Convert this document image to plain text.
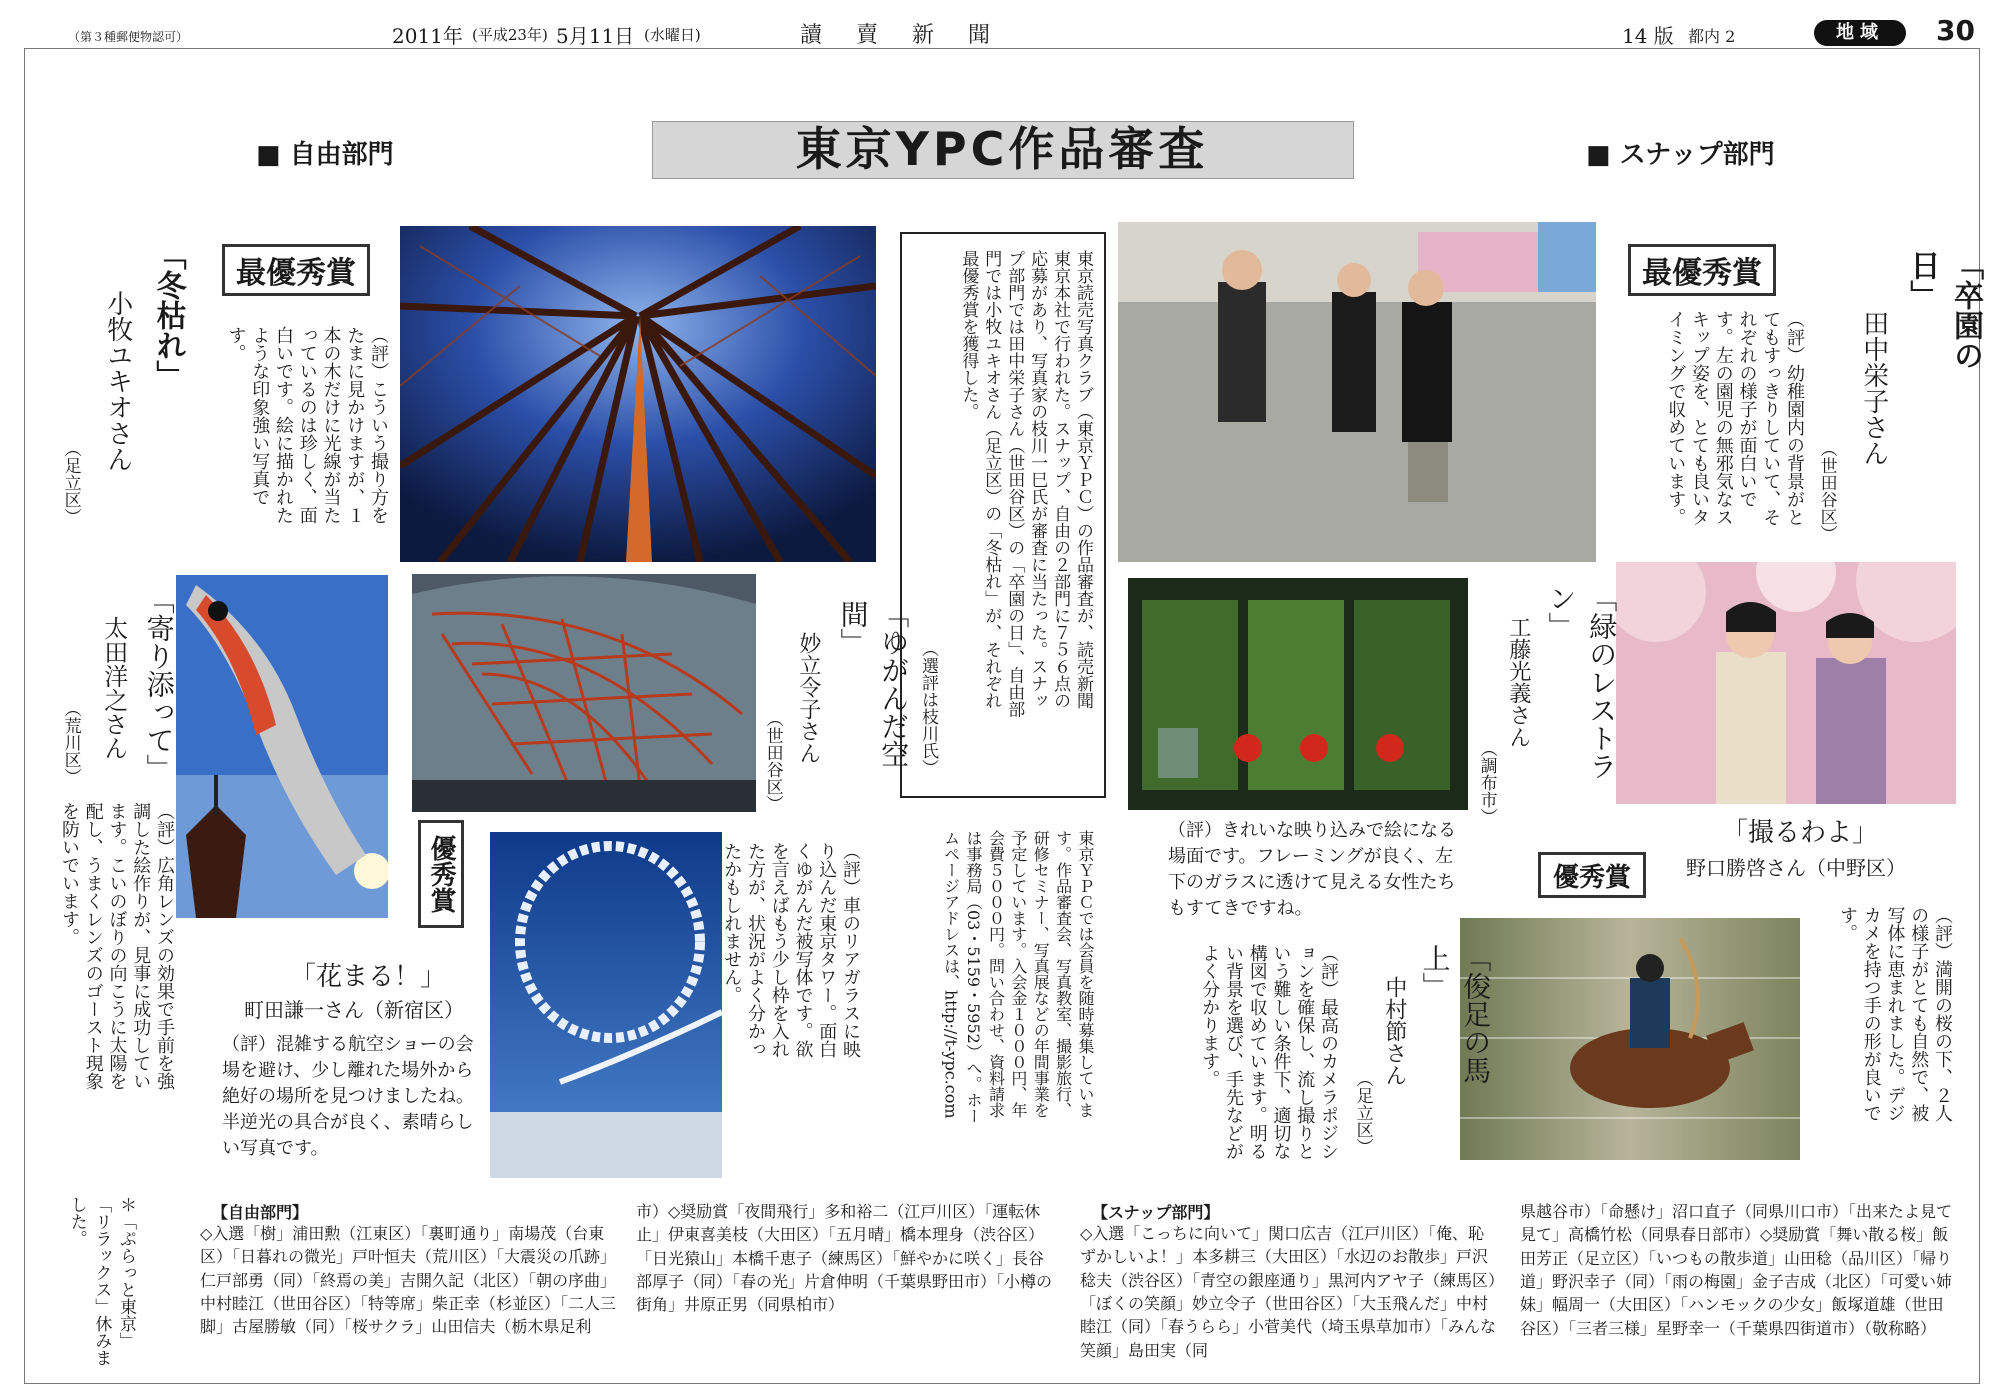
（第３種郵便物認可）	2011年 (平成23年) 5月11日 (水曜日)	讀　賣　新　聞	14 版 都内 2	地域	30
東京YPC作品審査
■ 自由部門	■ スナップ部門
最優秀賞	最優秀賞
優秀賞	優秀賞
東京読売写真クラブ（東京ＹＰＣ）の作品審査が、読売新聞東京本社で行われた。スナップ、自由の２部門に７５６点の応募があり、写真家の枝川一巳氏が審査に当たった。スナップ部門では田中栄子さん（世田谷区）の「卒園の日」、自由部門では小牧ユキオさん（足立区）の「冬枯れ」が、それぞれ最優秀賞を獲得した。
（選評は枝川氏）
東京ＹＰＣでは会員を随時募集しています。作品審査会、写真教室、撮影旅行、研修セミナー、写真展などの年間事業を予定しています。入会金１０００円、年会費５０００円。問い合わせ、資料請求は事務局（03・5159・5952）へ。ホームページアドレスは、http://t-ypc.com
「冬枯れ」
小牧ユキオさん
（足立区）	（評）こういう撮り方をたまに見かけますが、１本の木だけに光線が当たっているのは珍しく、面白いです。絵に描かれたような印象強い写真です。
「寄り添って」
太田洋之さん
（荒川区）
（評）広角レンズの効果で手前を強調した絵作りが、見事に成功しています。こいのぼりの向こうに太陽を配し、うまくレンズのゴースト現象を防いでいます。
「ゆがんだ空間」
妙立令子さん
（世田谷区）
（評）車のリアガラスに映り込んだ東京タワー。面白くゆがんだ被写体です。欲を言えばもう少し枠を入れた方が、状況がよく分かったかもしれません。
「花まる！」
町田謙一さん（新宿区）
（評）混雑する航空ショーの会場を避け、少し離れた場外から絶好の場所を見つけましたね。半逆光の具合が良く、素晴らしい写真です。
「卒園の日」
田中栄子さん
（世田谷区）
（評）幼稚園内の背景がとてもすっきりしていて、それぞれの様子が面白いです。左の園児の無邪気なスキップ姿を、とても良いタイミングで収めています。
「緑のレストラン」
工藤光義さん
（調布市）
（評）きれいな映り込みで絵になる場面です。フレーミングが良く、左下のガラスに透けて見える女性たちもすてきですね。
「撮るわよ」
野口勝啓さん（中野区）
（評）満開の桜の下、２人の様子がとても自然で、被写体に恵まれました。デジカメを持つ手の形が良いです。
「俊足の馬上」
中村節さん
（足立区）
（評）最高のカメラポジションを確保し、流し撮りという難しい条件下、適切な構図で収めています。明るい背景を選び、手先などがよく分かります。
＊「ぷらっと東京」「リラックス」休みました。	【自由部門】
◇入選「樹」浦田勲（江東区）「裏町通り」南場茂（台東区）「日暮れの微光」戸叶恒夫（荒川区）「大震災の爪跡」仁戸部勇（同）「終焉の美」吉開久記（北区）「朝の序曲」中村睦江（世田谷区）「特等席」柴正幸（杉並区）「二人三脚」古屋勝敏（同）「桜サクラ」山田信夫（栃木県足利
市）◇奨励賞「夜間飛行」多和裕二（江戸川区）「運転休止」伊東喜美枝（大田区）「五月晴」橋本理身（渋谷区）「日光猿山」本橋千恵子（練馬区）「鮮やかに咲く」長谷部厚子（同）「春の光」片倉伸明（千葉県野田市）「小樽の街角」井原正男（同県柏市）
【スナップ部門】
◇入選「こっちに向いて」関口広吉（江戸川区）「俺、恥ずかしいよ！」本多耕三（大田区）「水辺のお散歩」戸沢稔夫（渋谷区）「青空の銀座通り」黒河内アヤ子（練馬区）「ぼくの笑顔」妙立令子（世田谷区）「大玉飛んだ」中村睦江（同）「春うらら」小菅美代（埼玉県草加市）「みんな笑顔」島田実（同
県越谷市）「命懸け」沼口直子（同県川口市）「出来たよ見て見て」高橋竹松（同県春日部市）◇奨励賞「舞い散る桜」飯田芳正（足立区）「いつもの散歩道」山田稔（品川区）「帰り道」野沢幸子（同）「雨の梅園」金子吉成（北区）「可愛い姉妹」幅周一（大田区）「ハンモックの少女」飯塚道雄（世田谷区）「三者三様」星野幸一（千葉県四街道市）（敬称略）
